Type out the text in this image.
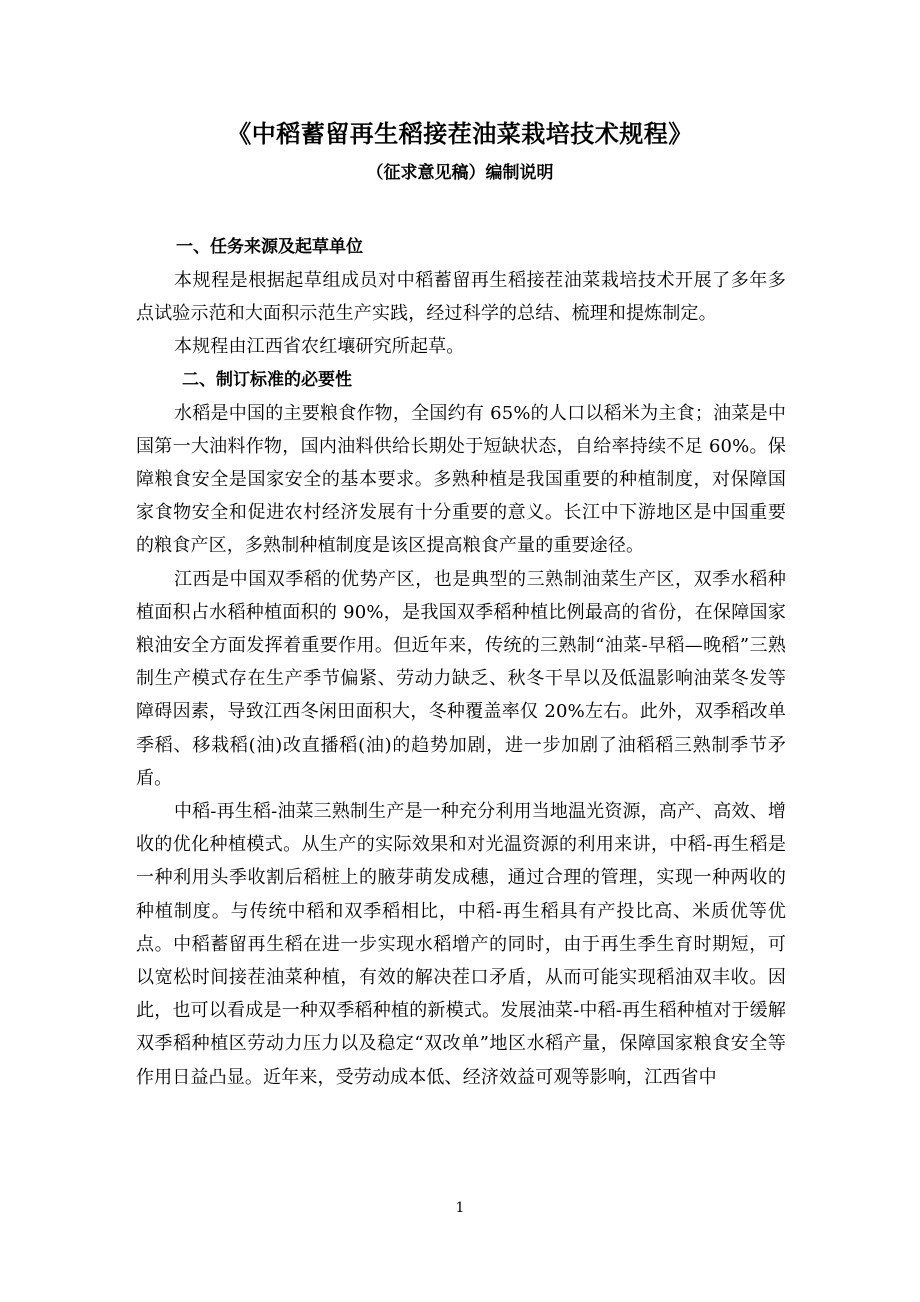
《中稻蓄留再生稻接茬油菜栽培技术规程》
（征求意见稿）编制说明

一、任务来源及起草单位

本规程是根据起草组成员对中稻蓄留再生稻接茬油菜栽培技术开展了多年多点试验示范和大面积示范生产实践，经过科学的总结、梳理和提炼制定。

本规程由江西省农红壤研究所起草。

二、制订标准的必要性

水稻是中国的主要粮食作物，全国约有 65%的人口以稻米为主食；油菜是中国第一大油料作物，国内油料供给长期处于短缺状态，自给率持续不足 60%。保障粮食安全是国家安全的基本要求。多熟种植是我国重要的种植制度，对保障国家食物安全和促进农村经济发展有十分重要的意义。长江中下游地区是中国重要的粮食产区，多熟制种植制度是该区提高粮食产量的重要途径。

江西是中国双季稻的优势产区，也是典型的三熟制油菜生产区，双季水稻种植面积占水稻种植面积的 90%，是我国双季稻种植比例最高的省份，在保障国家粮油安全方面发挥着重要作用。但近年来，传统的三熟制“油菜-早稻—晚稻”三熟制生产模式存在生产季节偏紧、劳动力缺乏、秋冬干旱以及低温影响油菜冬发等障碍因素，导致江西冬闲田面积大，冬种覆盖率仅 20%左右。此外，双季稻改单季稻、移栽稻(油)改直播稻(油)的趋势加剧，进一步加剧了油稻稻三熟制季节矛盾。

中稻-再生稻-油菜三熟制生产是一种充分利用当地温光资源，高产、高效、增收的优化种植模式。从生产的实际效果和对光温资源的利用来讲，中稻-再生稻是一种利用头季收割后稻桩上的腋芽萌发成穗，通过合理的管理，实现一种两收的种植制度。与传统中稻和双季稻相比，中稻-再生稻具有产投比高、米质优等优点。中稻蓄留再生稻在进一步实现水稻增产的同时，由于再生季生育时期短，可以宽松时间接茬油菜种植，有效的解决茬口矛盾，从而可能实现稻油双丰收。因此，也可以看成是一种双季稻种植的新模式。发展油菜-中稻-再生稻种植对于缓解双季稻种植区劳动力压力以及稳定“双改单”地区水稻产量，保障国家粮食安全等作用日益凸显。近年来，受劳动成本低、经济效益可观等影响，江西省中

1
